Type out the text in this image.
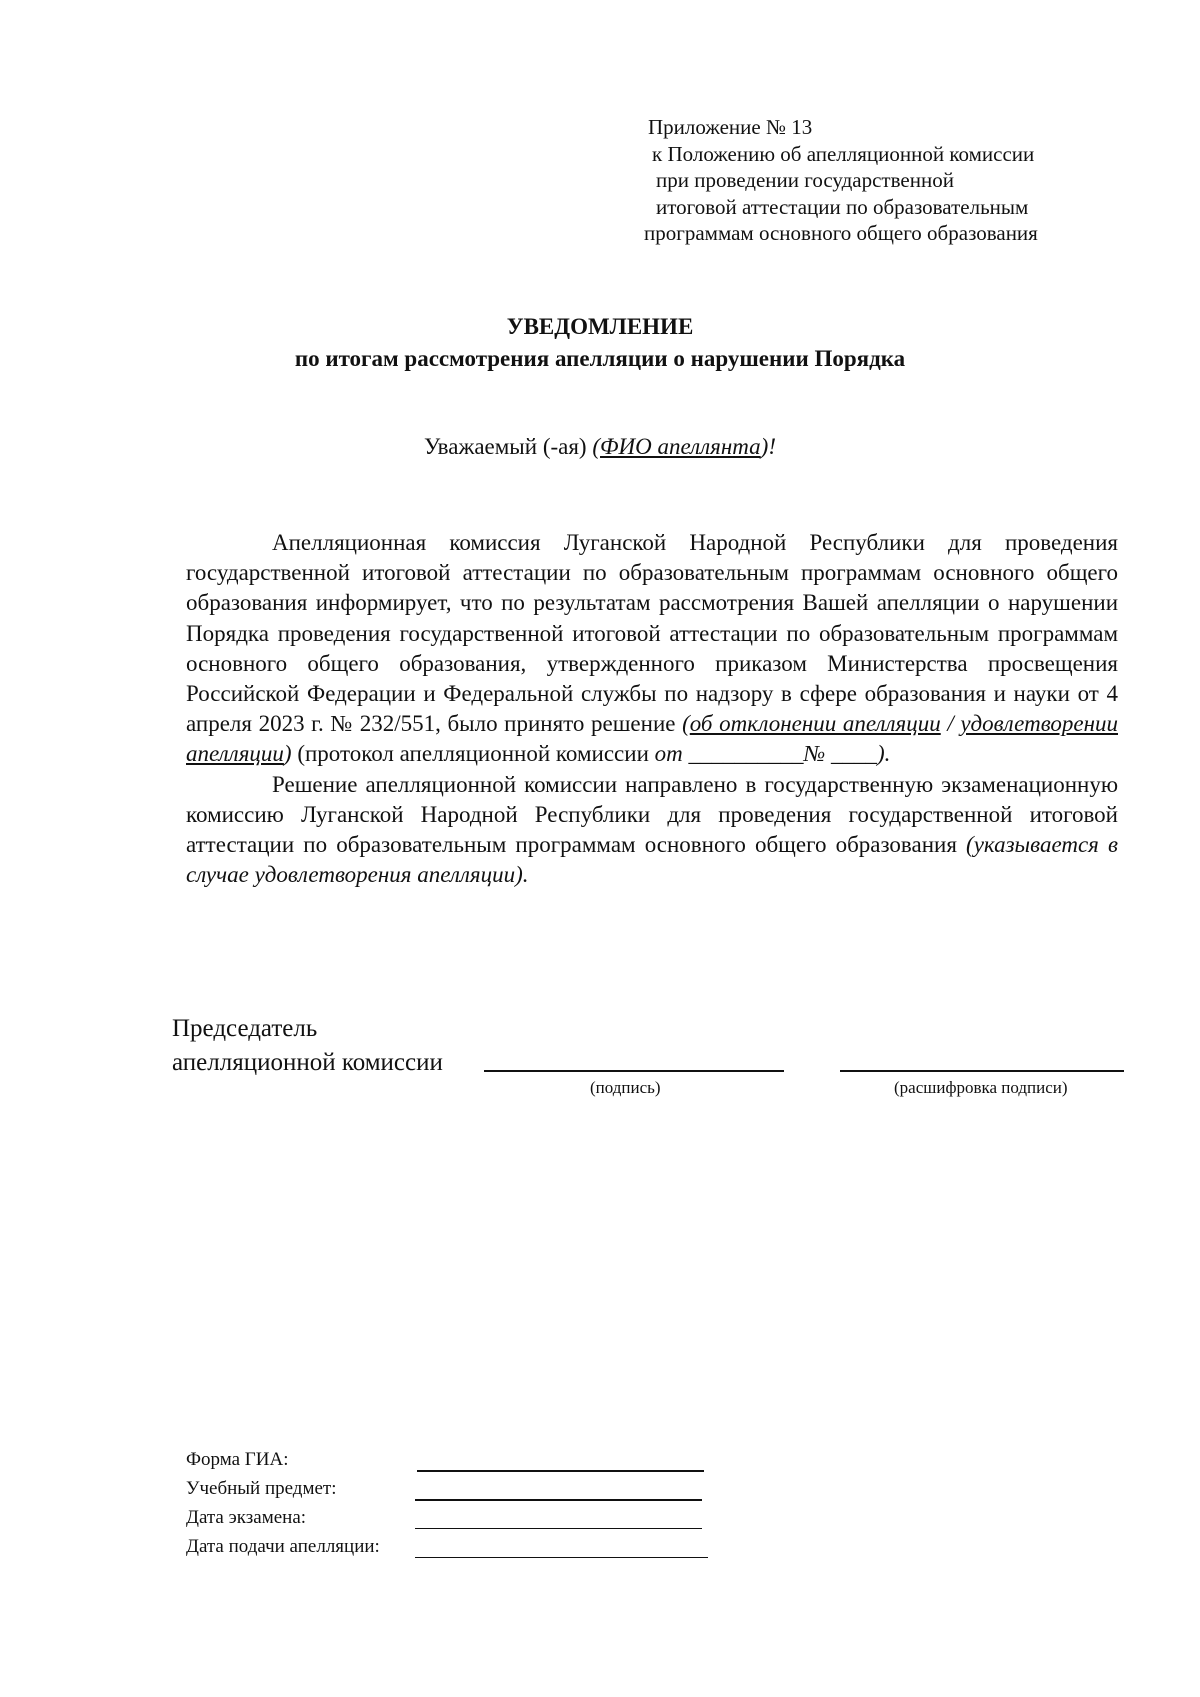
Приложение № 13
к Положению об апелляционной комиссии
при проведении государственной
итоговой аттестации по образовательным
программам основного общего образования
УВЕДОМЛЕНИЕ
по итогам рассмотрения апелляции о нарушении Порядка
Уважаемый (-ая) (ФИО апеллянта)!

Апелляционная комиссия Луганской Народной Республики для проведения государственной итоговой аттестации по образовательным программам основного общего образования информирует, что по результатам рассмотрения Вашей апелляции о нарушении Порядка проведения государственной итоговой аттестации по образовательным программам основного общего образования, утвержденного приказом Министерства просвещения Российской Федерации и Федеральной службы по надзору в сфере образования и науки от 4 апреля 2023 г. № 232/551, было принято решение (об отклонении апелляции / удовлетворении апелляции) (протокол апелляционной комиссии от __________№ ____).

Решение апелляционной комиссии направлено в государственную экзаменационную комиссию Луганской Народной Республики для проведения государственной итоговой аттестации по образовательным программам основного общего образования (указывается в случае удовлетворения апелляции).

Председатель
апелляционной комиссии
(подпись)	(расшифровка подписи)
Форма ГИА:
Учебный предмет:
Дата экзамена:
Дата подачи апелляции:
